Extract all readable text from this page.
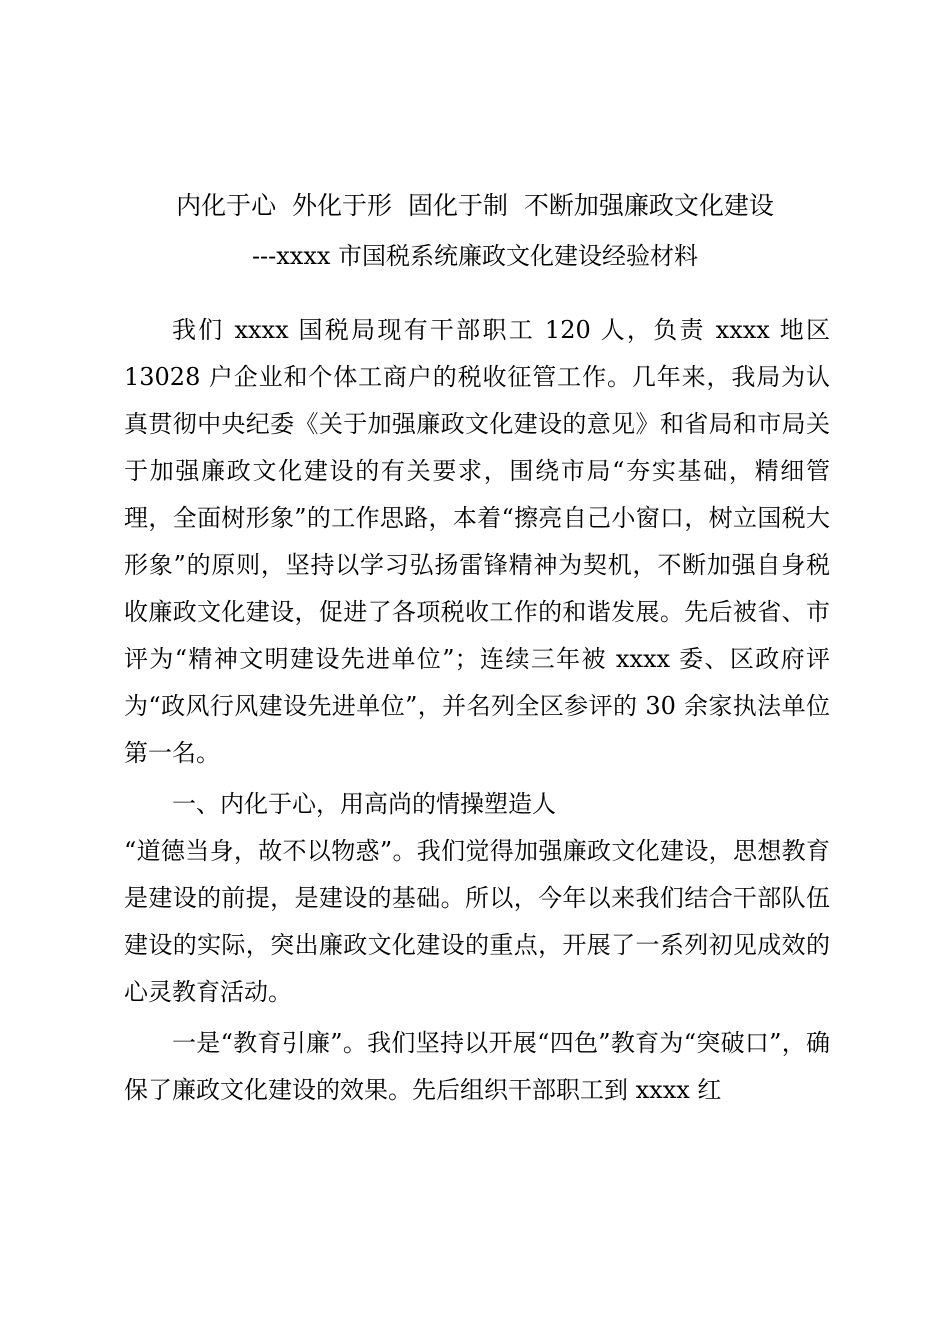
内化于心  外化于形  固化于制  不断加强廉政文化建设
---xxxx 市国税系统廉政文化建设经验材料

我们 xxxx 国税局现有干部职工 120 人，负责 xxxx 地区 13028 户企业和个体工商户的税收征管工作。几年来，我局为认真贯彻中央纪委《关于加强廉政文化建设的意见》和省局和市局关于加强廉政文化建设的有关要求，围绕市局“夯实基础，精细管理，全面树形象”的工作思路，本着“擦亮自己小窗口，树立国税大形象”的原则，坚持以学习弘扬雷锋精神为契机，不断加强自身税收廉政文化建设，促进了各项税收工作的和谐发展。先后被省、市评为“精神文明建设先进单位”；连续三年被 xxxx 委、区政府评为“政风行风建设先进单位”，并名列全区参评的 30 余家执法单位第一名。

一、内化于心，用高尚的情操塑造人

“道德当身，故不以物惑”。我们觉得加强廉政文化建设，思想教育是建设的前提，是建设的基础。所以，今年以来我们结合干部队伍建设的实际，突出廉政文化建设的重点，开展了一系列初见成效的心灵教育活动。

一是“教育引廉”。我们坚持以开展“四色”教育为“突破口”，确保了廉政文化建设的效果。先后组织干部职工到 xxxx 红
